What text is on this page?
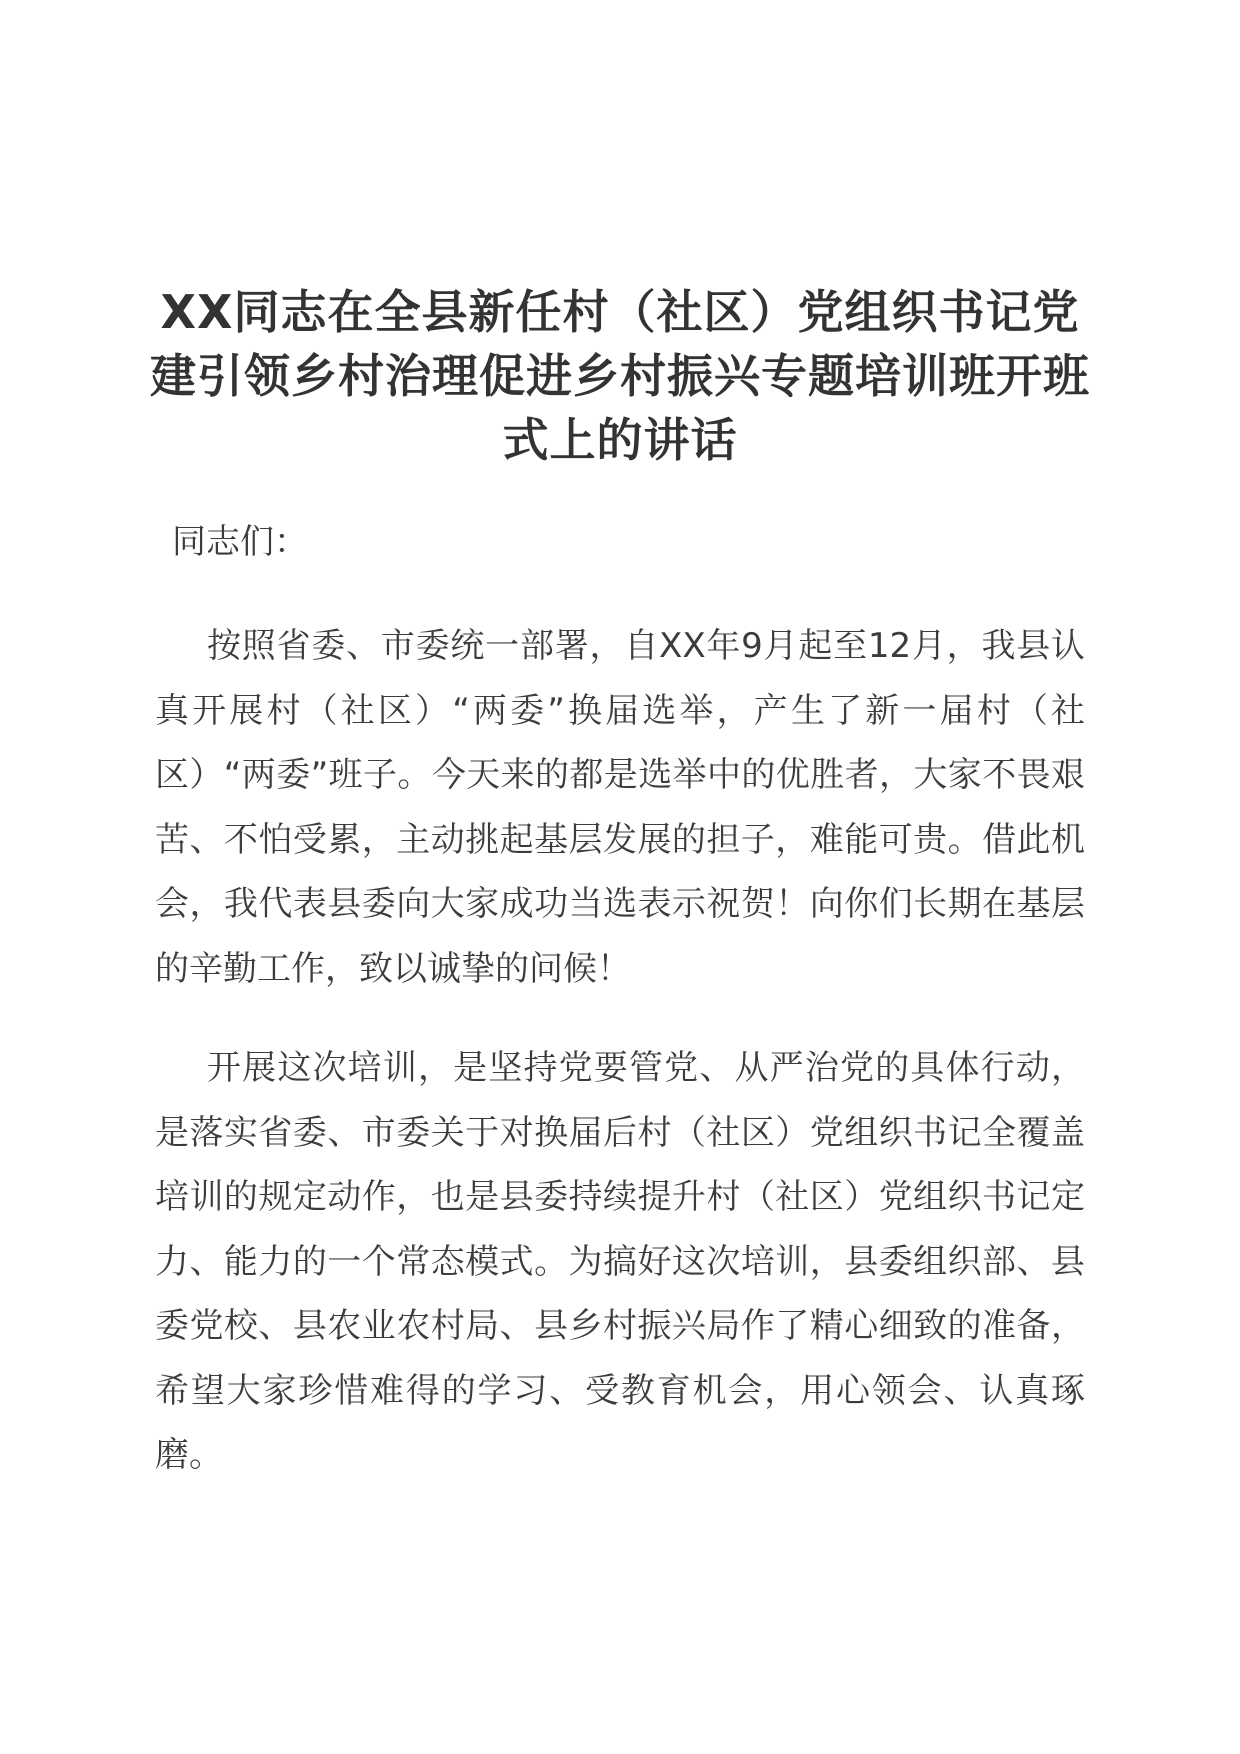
XX同志在全县新任村（社区）党组织书记党建引领乡村治理促进乡村振兴专题培训班开班式上的讲话

同志们：

按照省委、市委统一部署，自XX年9月起至12月，我县认真开展村（社区）“两委”换届选举，产生了新一届村（社区）“两委”班子。今天来的都是选举中的优胜者，大家不畏艰苦、不怕受累，主动挑起基层发展的担子，难能可贵。借此机会，我代表县委向大家成功当选表示祝贺！向你们长期在基层的辛勤工作，致以诚挚的问候！

开展这次培训，是坚持党要管党、从严治党的具体行动，是落实省委、市委关于对换届后村（社区）党组织书记全覆盖培训的规定动作，也是县委持续提升村（社区）党组织书记定力、能力的一个常态模式。为搞好这次培训，县委组织部、县委党校、县农业农村局、县乡村振兴局作了精心细致的准备，希望大家珍惜难得的学习、受教育机会，用心领会、认真琢磨。
